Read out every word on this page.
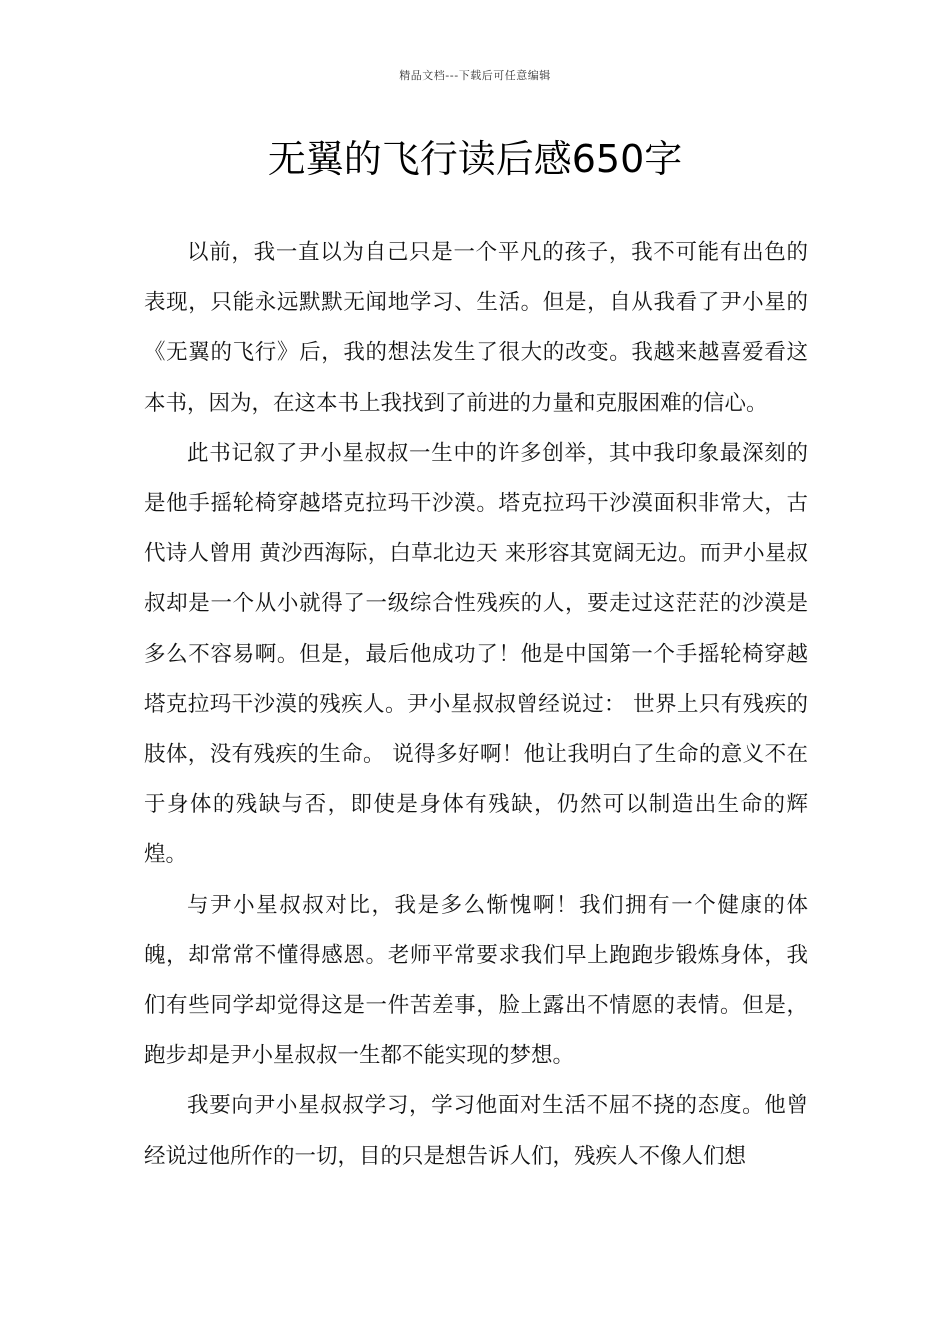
精品文档---下载后可任意编辑
无翼的飞行读后感650字

以前，我一直以为自己只是一个平凡的孩子，我不可能有出色的表现，只能永远默默无闻地学习、生活。但是，自从我看了尹小星的《无翼的飞行》后，我的想法发生了很大的改变。我越来越喜爱看这本书，因为，在这本书上我找到了前进的力量和克服困难的信心。

此书记叙了尹小星叔叔一生中的许多创举，其中我印象最深刻的是他手摇轮椅穿越塔克拉玛干沙漠。塔克拉玛干沙漠面积非常大，古代诗人曾用 黄沙西海际，白草北边天 来形容其宽阔无边。而尹小星叔叔却是一个从小就得了一级综合性残疾的人，要走过这茫茫的沙漠是多么不容易啊。但是，最后他成功了！他是中国第一个手摇轮椅穿越塔克拉玛干沙漠的残疾人。尹小星叔叔曾经说过： 世界上只有残疾的肢体，没有残疾的生命。 说得多好啊！他让我明白了生命的意义不在于身体的残缺与否，即使是身体有残缺，仍然可以制造出生命的辉煌。

与尹小星叔叔对比，我是多么惭愧啊！我们拥有一个健康的体魄，却常常不懂得感恩。老师平常要求我们早上跑跑步锻炼身体，我们有些同学却觉得这是一件苦差事，脸上露出不情愿的表情。但是，跑步却是尹小星叔叔一生都不能实现的梦想。

我要向尹小星叔叔学习，学习他面对生活不屈不挠的态度。他曾经说过他所作的一切，目的只是想告诉人们，残疾人不像人们想
